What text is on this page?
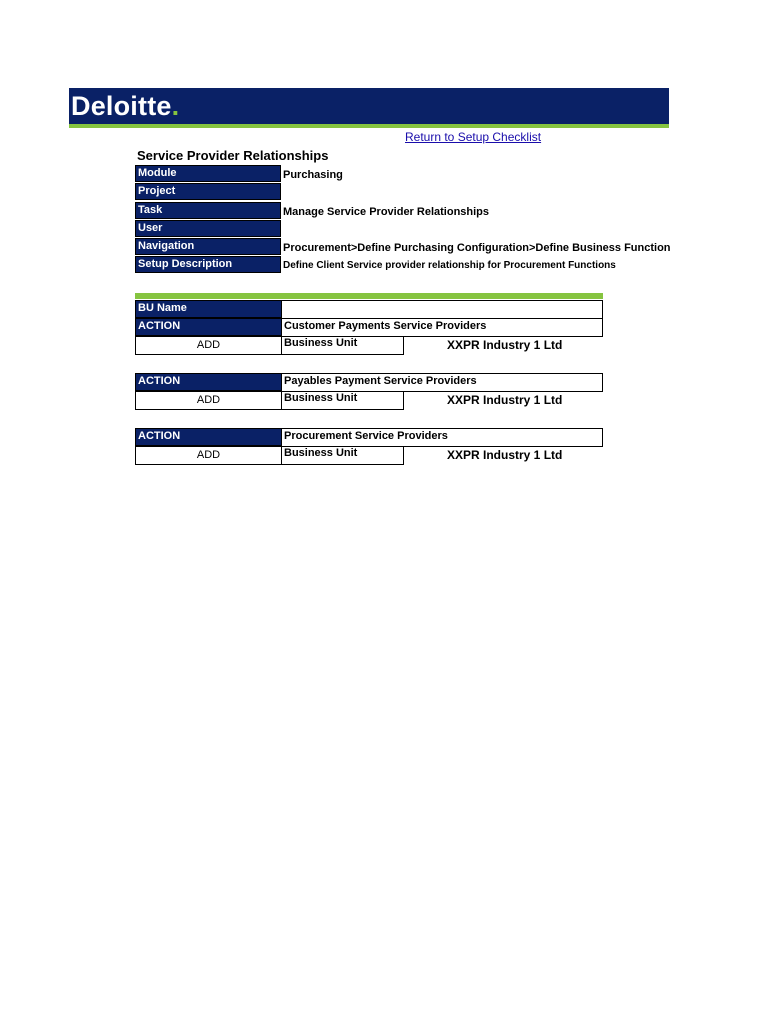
Deloitte.
Return to Setup Checklist
Service Provider Relationships
Module	Purchasing
Project
Task	Manage Service Provider Relationships
User
Navigation	Procurement>Define Purchasing Configuration>Define Business Function
Setup Description	Define Client Service provider relationship for Procurement Functions
BU Name
ACTION	Customer Payments Service Providers
ADD	Business Unit	XXPR Industry 1 Ltd
ACTION	Payables Payment Service Providers
ADD	Business Unit	XXPR Industry 1 Ltd
ACTION	Procurement Service Providers
ADD	Business Unit	XXPR Industry 1 Ltd
